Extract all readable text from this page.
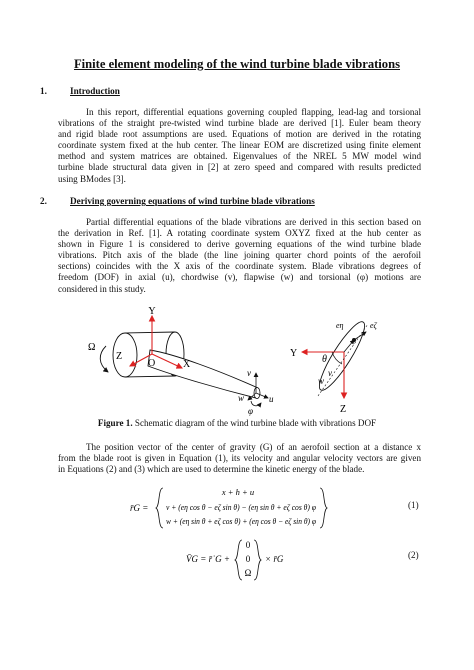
Finite element modeling of the wind turbine blade vibrations
1.	Introduction
In this report, differential equations governing coupled flapping, lead-lag and torsional
vibrations of the straight pre-twisted wind turbine blade are derived [1]. Euler beam theory
and rigid blade root assumptions are used. Equations of motion are derived in the rotating
coordinate system fixed at the hub center. The linear EOM are discretized using finite element
method and system matrices are obtained. Eigenvalues of the NREL 5 MW model wind
turbine blade structural data given in [2] at zero speed and compared with results predicted
using BModes [3].
2.	Deriving governing equations of wind turbine blade vibrations
Partial differential equations of the blade vibrations are derived in this section based on
the derivation in Ref. [1]. A rotating coordinate system OXYZ fixed at the hub center as
shown in Figure 1 is considered to derive governing equations of the wind turbine blade
vibrations. Pitch axis of the blade (the line joining quarter chord points of the aerofoil
sections) coincides with the X axis of the coordinate system. Blade vibrations degrees of
freedom (DOF) in axial (u), chordwise (v), flapwise (w) and torsional (φ) motions are
considered in this study.
Y
Z
O	X
Ω
v
u
w
φ
Y
Z
θ
v
w
eη	eζ
Figure 1. Schematic diagram of the wind turbine blade with vibrations DOF
The position vector of the center of gravity (G) of an aerofoil section at a distance x
from the blade root is given in Equation (1), its velocity and angular velocity vectors are given
in Equations (2) and (3) which are used to determine the kinetic energy of the blade.
r̄G =
x + h + u
v + (eη cos θ − eζ sin θ) − (eη sin θ + eζ cos θ) φ
w + (eη sin θ + eζ cos θ) + (eη cos θ − eζ sin θ) φ
(1)
V̄G = r̄˙G +
0
0
Ω
× r̄G	(2)
